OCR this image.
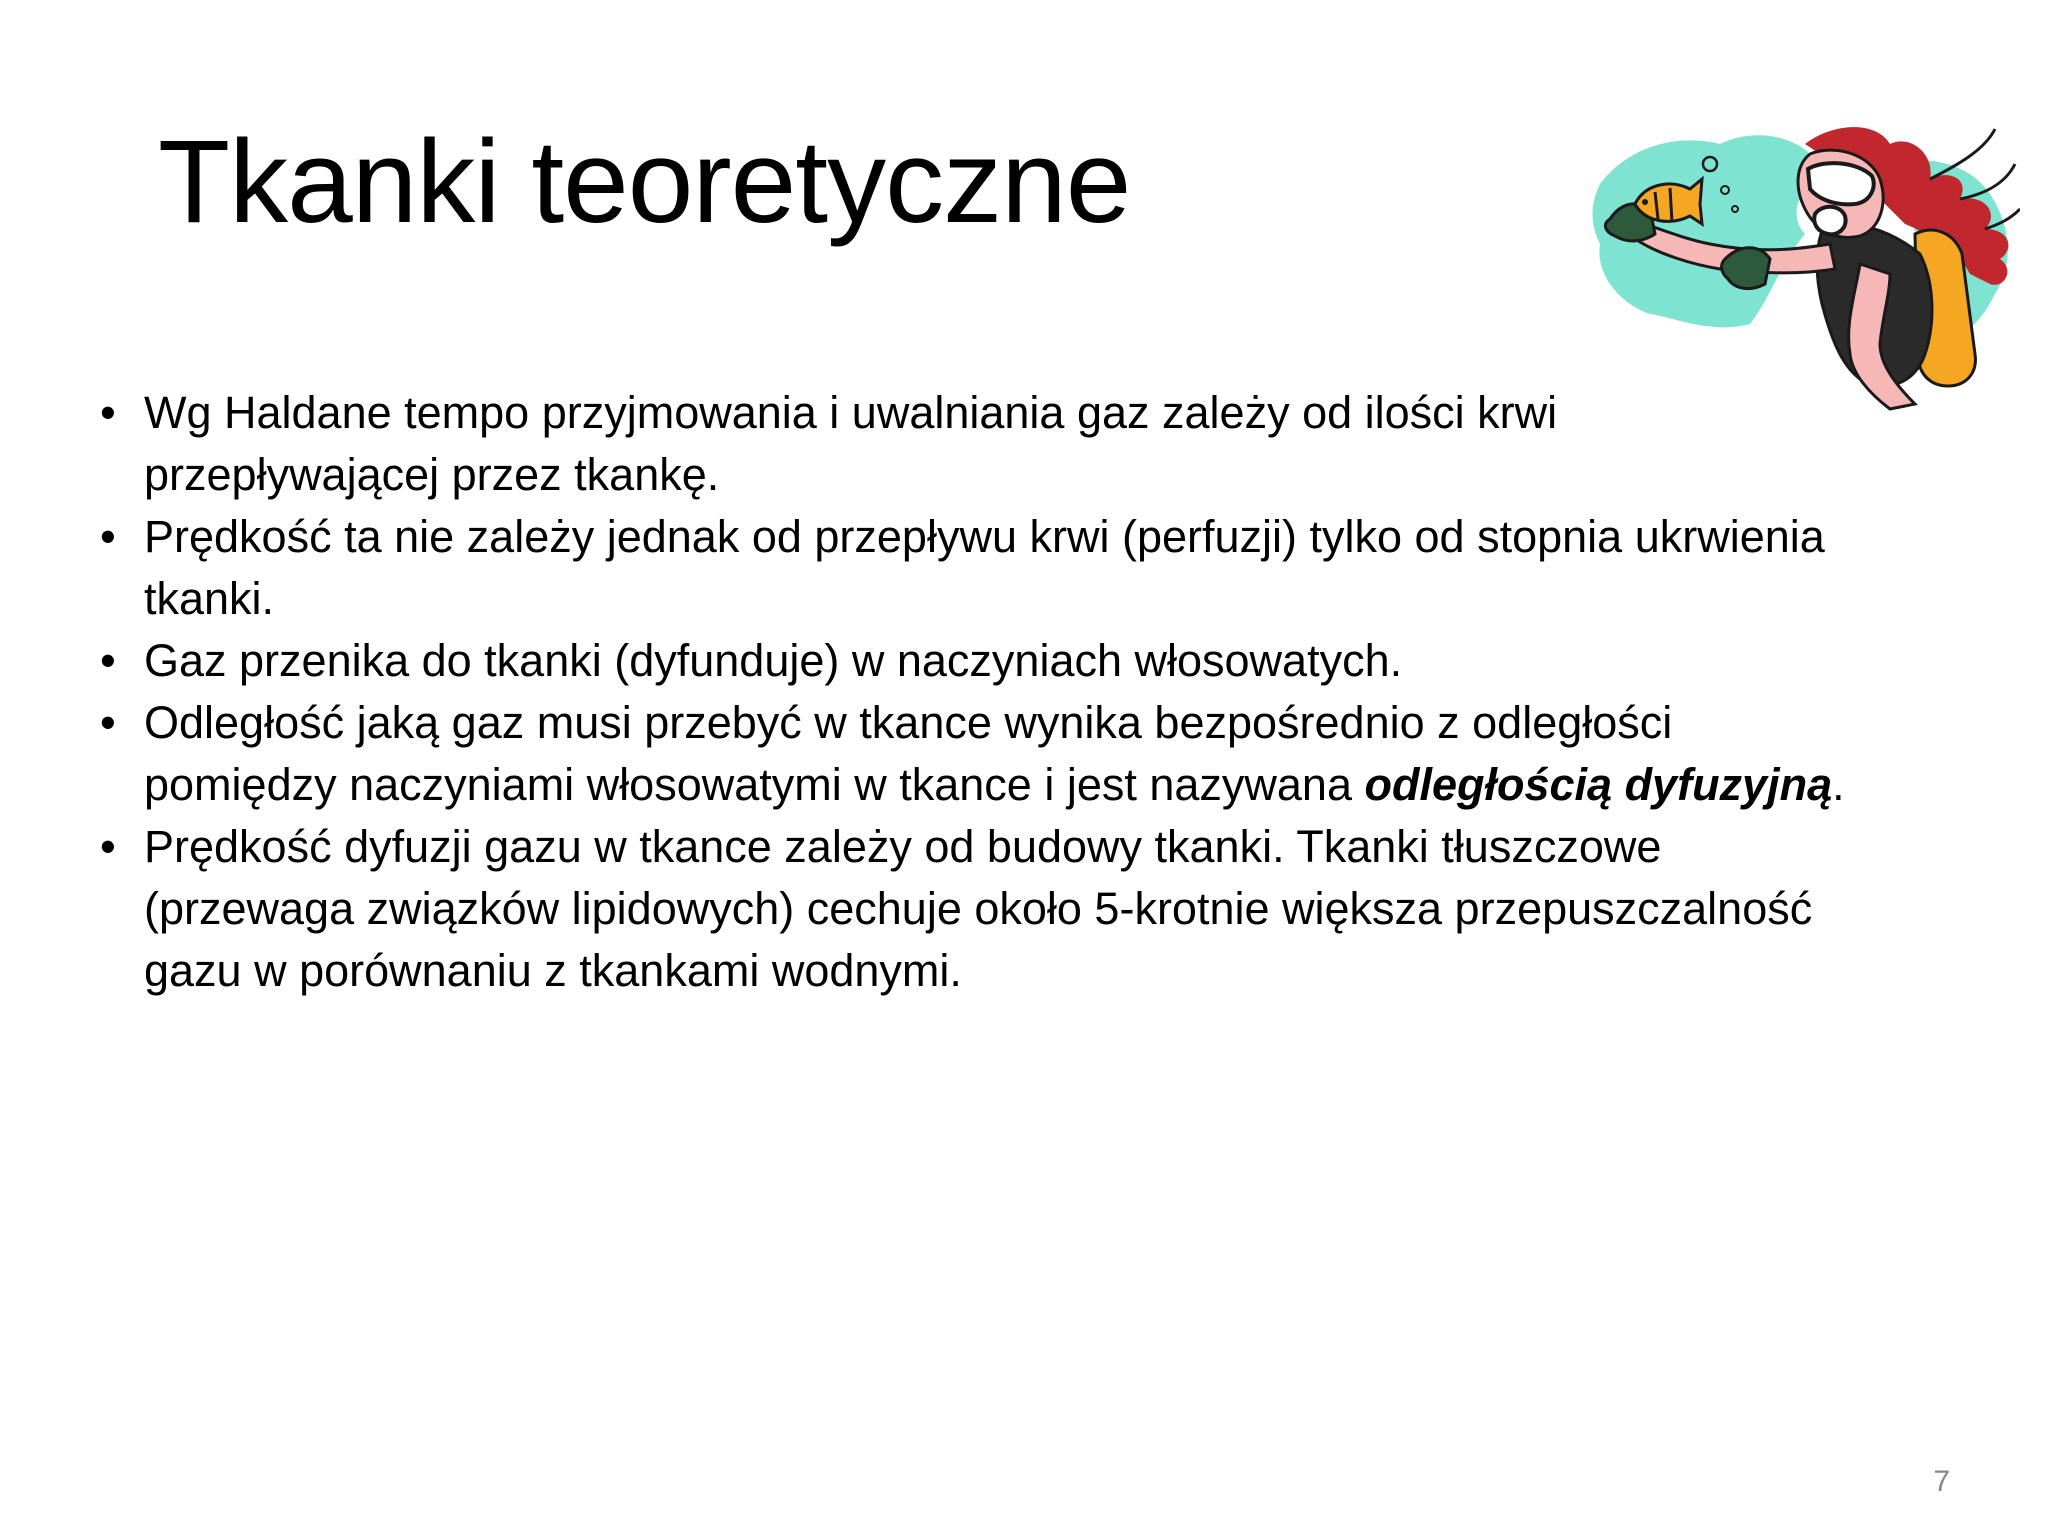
Tkanki teoretyczne
• Wg Haldane tempo przyjmowania i uwalniania gaz zależy od ilości krwi
przepływającej przez tkankę.
• Prędkość ta nie zależy jednak od przepływu krwi (perfuzji) tylko od stopnia ukrwienia
tkanki.
• Gaz przenika do tkanki (dyfunduje) w naczyniach włosowatych.
• Odległość jaką gaz musi przebyć w tkance wynika bezpośrednio z odległości
pomiędzy naczyniami włosowatymi w tkance i jest nazywana odległością dyfuzyjną.
• Prędkość dyfuzji gazu w tkance zależy od budowy tkanki. Tkanki tłuszczowe
(przewaga związków lipidowych) cechuje około 5-krotnie większa przepuszczalność
gazu w porównaniu z tkankami wodnymi.
7
